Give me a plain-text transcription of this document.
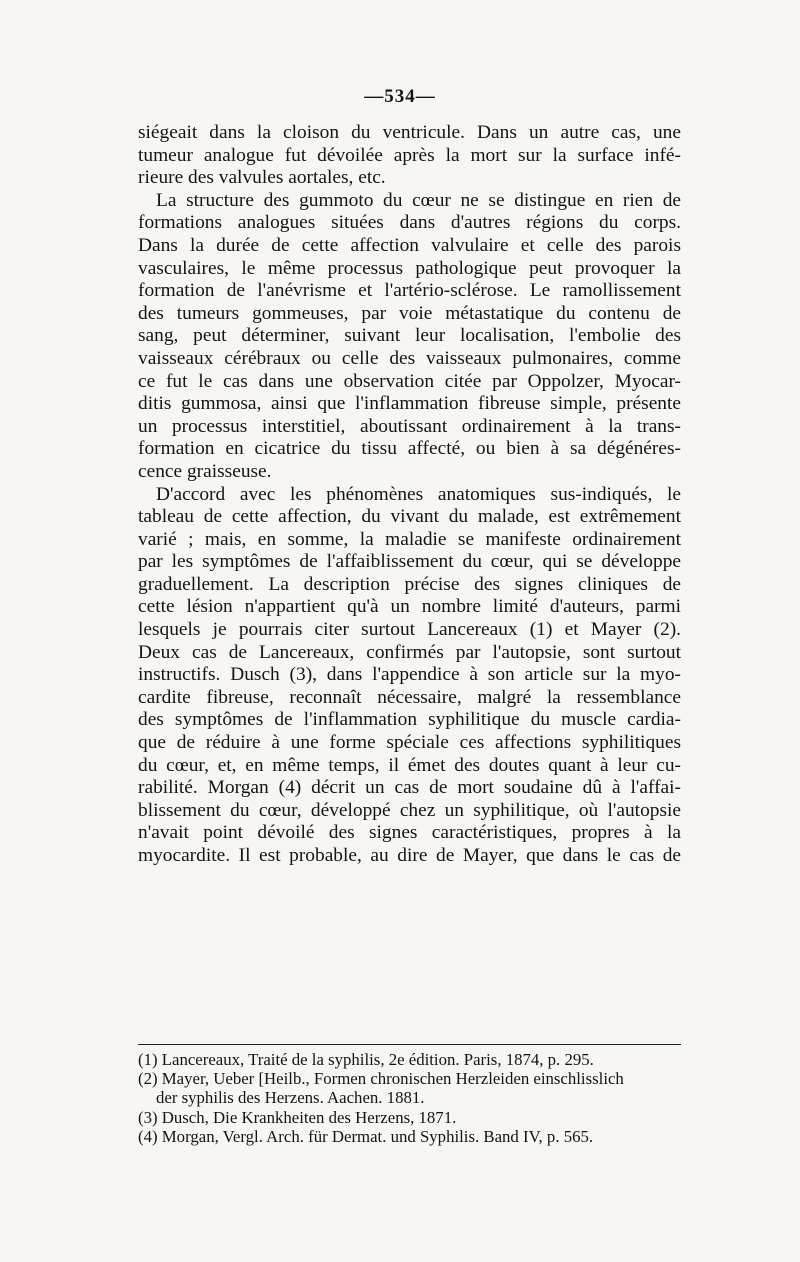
—534—
siégeait dans la cloison du ventricule. Dans un autre cas, une
tumeur analogue fut dévoilée après la mort sur la surface infé-
rieure des valvules aortales, etc.
La structure des gummoto du cœur ne se distingue en rien de
formations analogues situées dans d'autres régions du corps.
Dans la durée de cette affection valvulaire et celle des parois
vasculaires, le même processus pathologique peut provoquer la
formation de l'anévrisme et l'artério-sclérose. Le ramollissement
des tumeurs gommeuses, par voie métastatique du contenu de
sang, peut déterminer, suivant leur localisation, l'embolie des
vaisseaux cérébraux ou celle des vaisseaux pulmonaires, comme
ce fut le cas dans une observation citée par Oppolzer, Myocar-
ditis gummosa, ainsi que l'inflammation fibreuse simple, présente
un processus interstitiel, aboutissant ordinairement à la trans-
formation en cicatrice du tissu affecté, ou bien à sa dégénéres-
cence graisseuse.
D'accord avec les phénomènes anatomiques sus-indiqués, le
tableau de cette affection, du vivant du malade, est extrêmement
varié ; mais, en somme, la maladie se manifeste ordinairement
par les symptômes de l'affaiblissement du cœur, qui se développe
graduellement. La description précise des signes cliniques de
cette lésion n'appartient qu'à un nombre limité d'auteurs, parmi
lesquels je pourrais citer surtout Lancereaux (1) et Mayer (2).
Deux cas de Lancereaux, confirmés par l'autopsie, sont surtout
instructifs. Dusch (3), dans l'appendice à son article sur la myo-
cardite fibreuse, reconnaît nécessaire, malgré la ressemblance
des symptômes de l'inflammation syphilitique du muscle cardia-
que de réduire à une forme spéciale ces affections syphilitiques
du cœur, et, en même temps, il émet des doutes quant à leur cu-
rabilité. Morgan (4) décrit un cas de mort soudaine dû à l'affai-
blissement du cœur, développé chez un syphilitique, où l'autopsie
n'avait point dévoilé des signes caractéristiques, propres à la
myocardite. Il est probable, au dire de Mayer, que dans le cas de
(1) Lancereaux, Traité de la syphilis, 2e édition. Paris, 1874, p. 295.
(2) Mayer, Ueber [Heilb., Formen chronischen Herzleiden einschlisslich
der syphilis des Herzens. Aachen. 1881.
(3) Dusch, Die Krankheiten des Herzens, 1871.
(4) Morgan, Vergl. Arch. für Dermat. und Syphilis. Band IV, p. 565.
